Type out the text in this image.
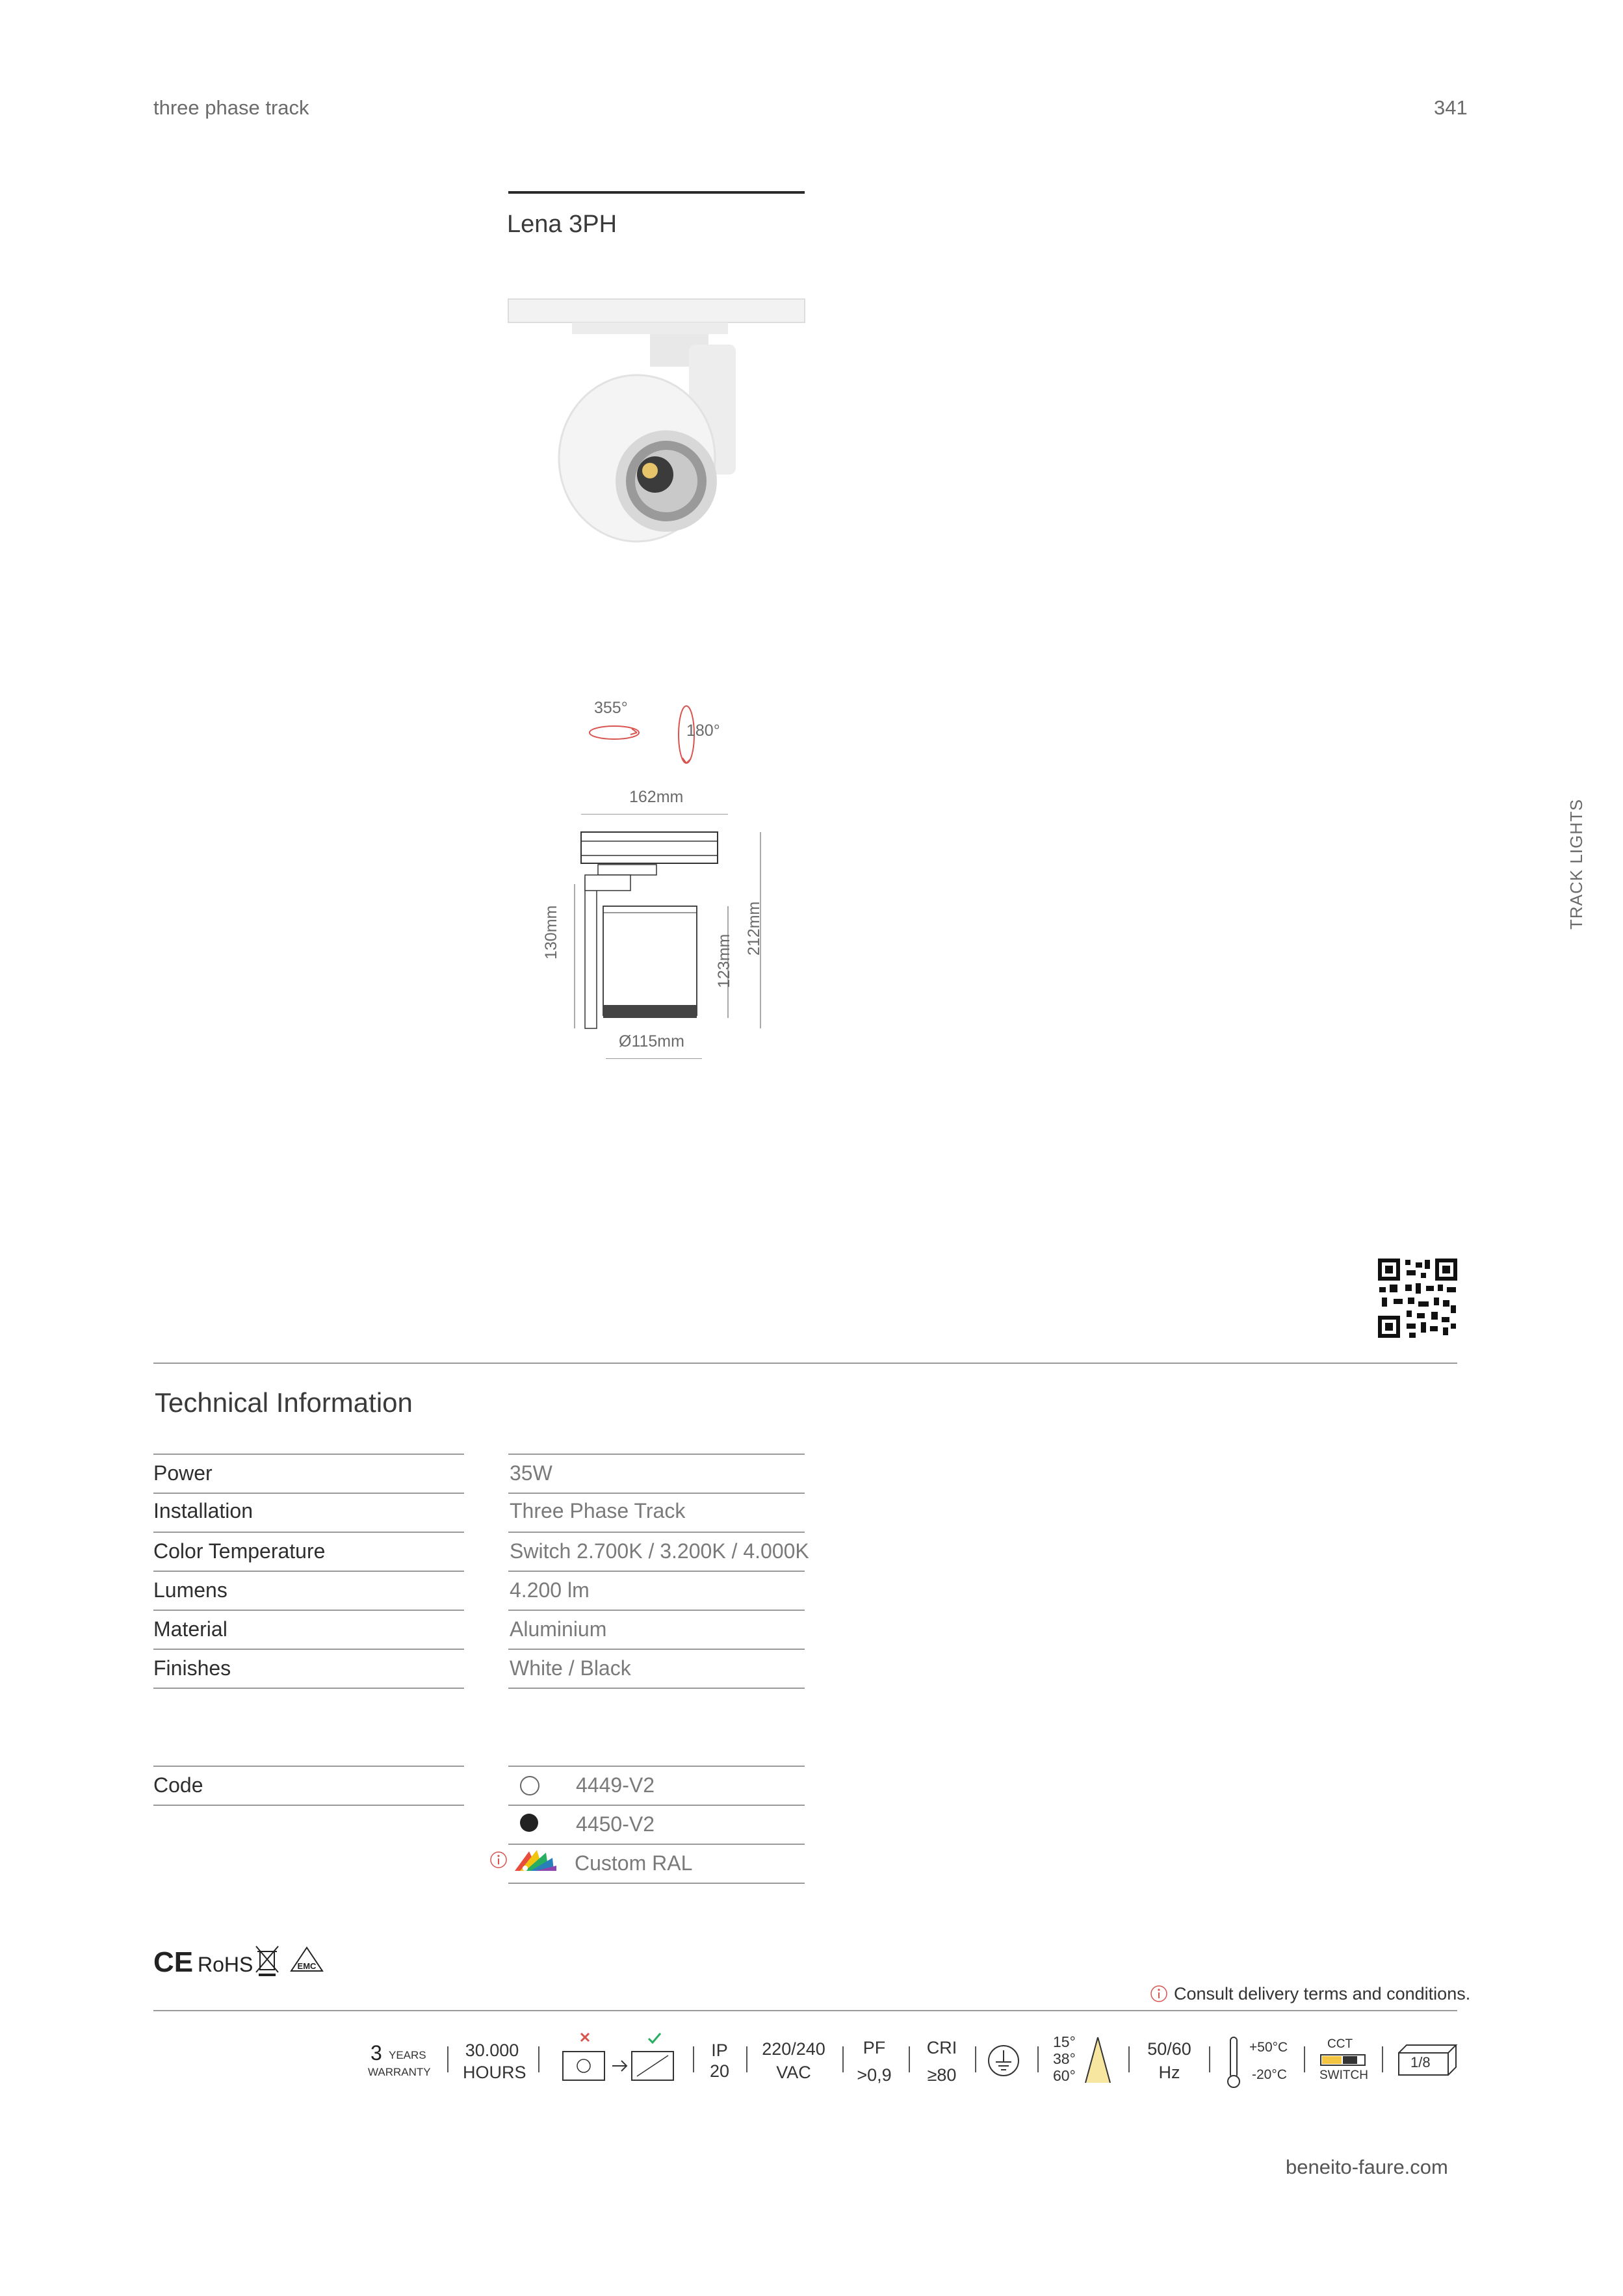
three phase track	341
TRACK LIGHTS
Lena 3PH
355°
180°
162mm
130mm
123mm
212mm
Ø115mm
Technical Information
Power	35W
Installation	Three Phase Track
Color Temperature	Switch 2.700K / 3.200K / 4.000K
Lumens	4.200 lm
Material	Aluminium
Finishes	White / Black
Code	4449-V2
4450-V2
Custom RAL
CE RoHS	EMC
Consult delivery terms and conditions.
3 YEARS
WARRANTY
30.000
HOURS
IP
20
220/240
VAC
PF
>0,9
CRI
≥80
15°
38°
60°
50/60
Hz
+50°C
-20°C
CCT
SWITCH
1/8
beneito-faure.com
